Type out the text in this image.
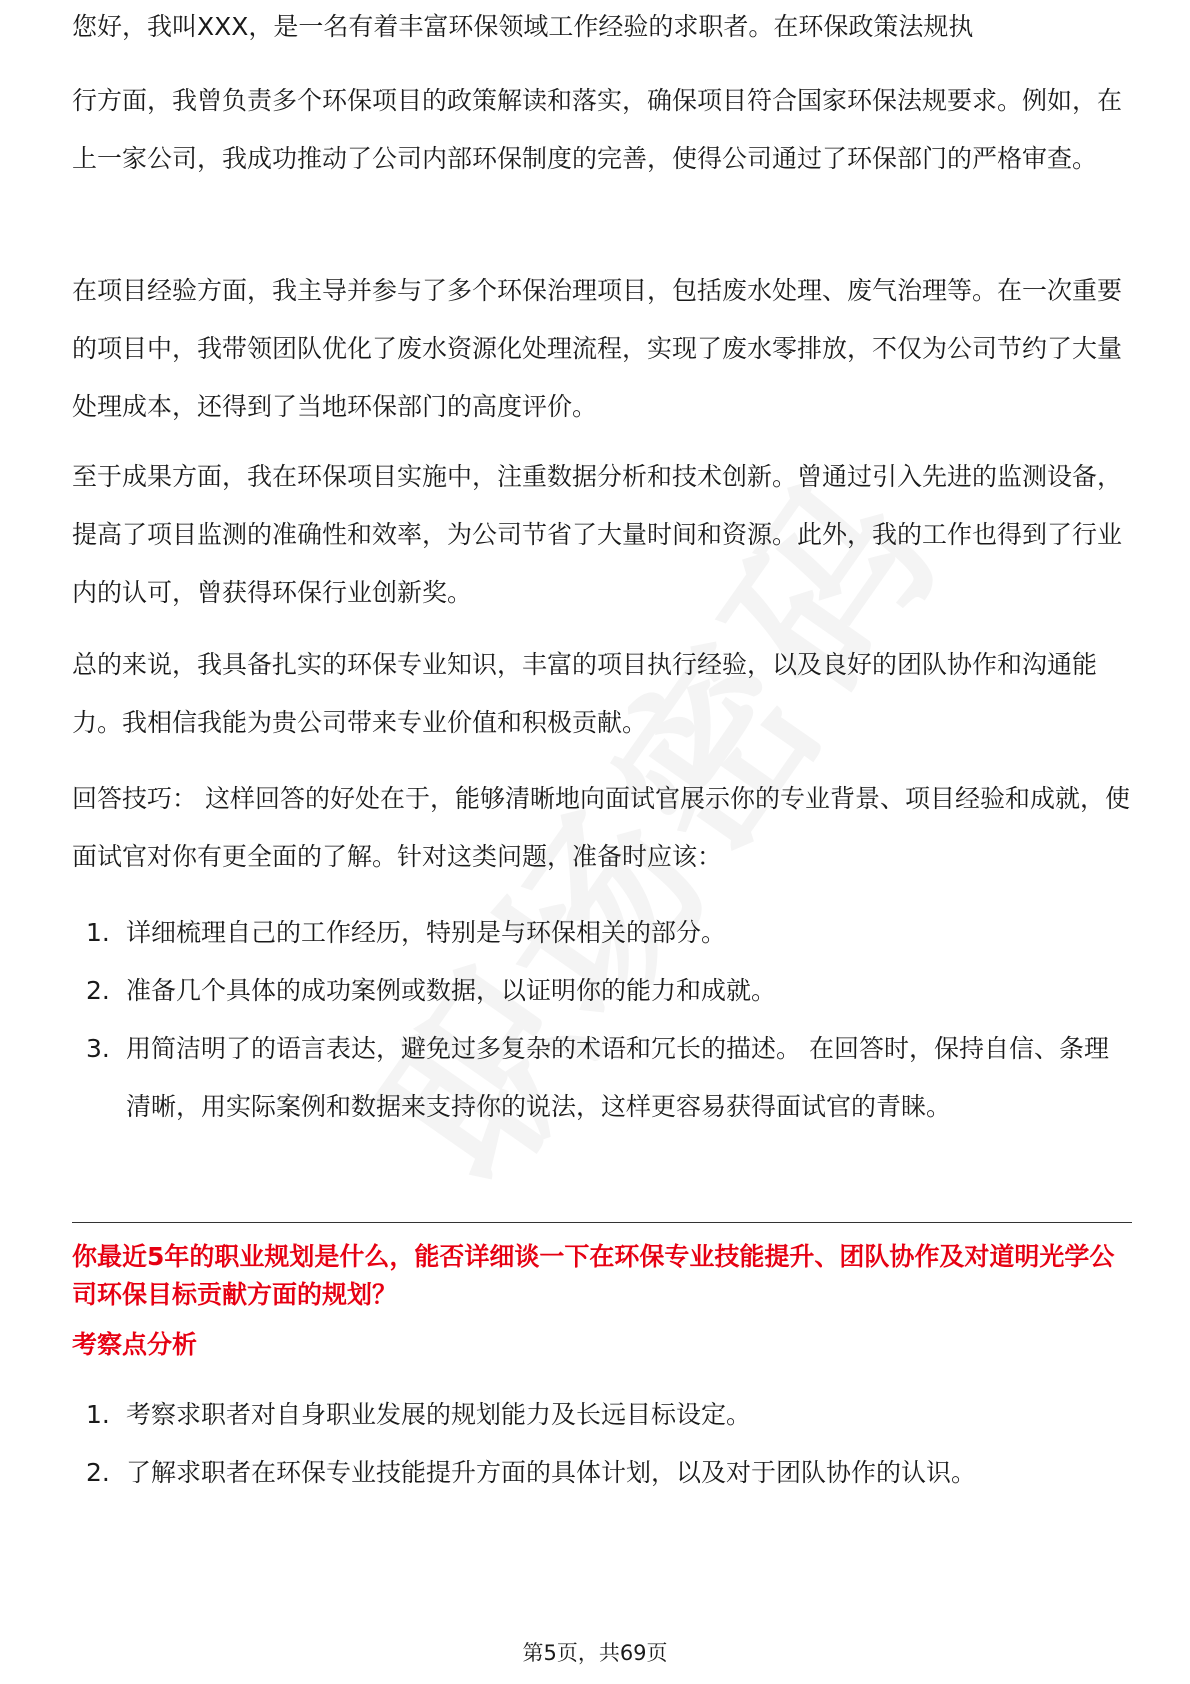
您好，我叫XXX，是一名有着丰富环保领域工作经验的求职者。在环保政策法规执

行方面，我曾负责多个环保项目的政策解读和落实，确保项目符合国家环保法规要求。例如，在上一家公司，我成功推动了公司内部环保制度的完善，使得公司通过了环保部门的严格审查。

在项目经验方面，我主导并参与了多个环保治理项目，包括废水处理、废气治理等。在一次重要的项目中，我带领团队优化了废水资源化处理流程，实现了废水零排放，不仅为公司节约了大量处理成本，还得到了当地环保部门的高度评价。

至于成果方面，我在环保项目实施中，注重数据分析和技术创新。曾通过引入先进的监测设备，提高了项目监测的准确性和效率，为公司节省了大量时间和资源。此外，我的工作也得到了行业内的认可，曾获得环保行业创新奖。

总的来说，我具备扎实的环保专业知识，丰富的项目执行经验，以及良好的团队协作和沟通能力。我相信我能为贵公司带来专业价值和积极贡献。

回答技巧： 这样回答的好处在于，能够清晰地向面试官展示你的专业背景、项目经验和成就，使面试官对你有更全面的了解。针对这类问题，准备时应该：

1. 详细梳理自己的工作经历，特别是与环保相关的部分。
2. 准备几个具体的成功案例或数据，以证明你的能力和成就。
3. 用简洁明了的语言表达，避免过多复杂的术语和冗长的描述。 在回答时，保持自信、条理清晰，用实际案例和数据来支持你的说法，这样更容易获得面试官的青睐。

你最近5年的职业规划是什么，能否详细谈一下在环保专业技能提升、团队协作及对道明光学公司环保目标贡献方面的规划？

考察点分析

1. 考察求职者对自身职业发展的规划能力及长远目标设定。
2. 了解求职者在环保专业技能提升方面的具体计划，以及对于团队协作的认识。
第5页，共69页
